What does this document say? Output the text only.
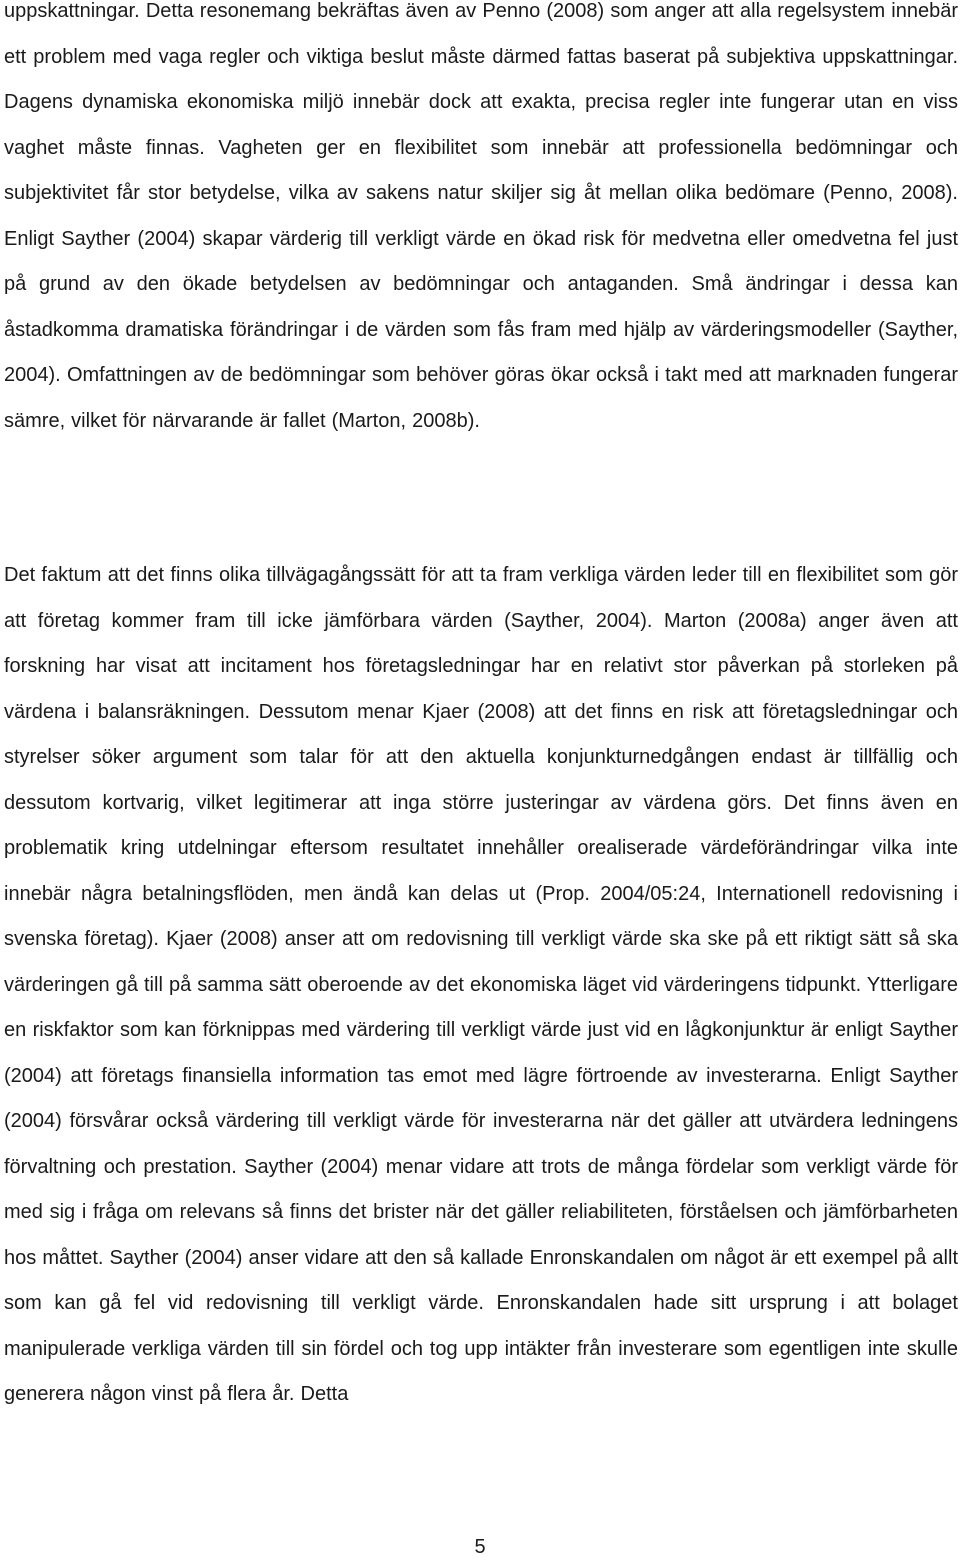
uppskattningar. Detta resonemang bekräftas även av Penno (2008) som anger att alla regelsystem innebär ett problem med vaga regler och viktiga beslut måste därmed fattas baserat på subjektiva uppskattningar. Dagens dynamiska ekonomiska miljö innebär dock att exakta, precisa regler inte fungerar utan en viss vaghet måste finnas. Vagheten ger en flexibilitet som innebär att professionella bedömningar och subjektivitet får stor betydelse, vilka av sakens natur skiljer sig åt mellan olika bedömare (Penno, 2008). Enligt Sayther (2004) skapar värderig till verkligt värde en ökad risk för medvetna eller omedvetna fel just på grund av den ökade betydelsen av bedömningar och antaganden. Små ändringar i dessa kan åstadkomma dramatiska förändringar i de värden som fås fram med hjälp av värderingsmodeller (Sayther, 2004). Omfattningen av de bedömningar som behöver göras ökar också i takt med att marknaden fungerar sämre, vilket för närvarande är fallet (Marton, 2008b).

Det faktum att det finns olika tillvägagångssätt för att ta fram verkliga värden leder till en flexibilitet som gör att företag kommer fram till icke jämförbara värden (Sayther, 2004). Marton (2008a) anger även att forskning har visat att incitament hos företagsledningar har en relativt stor påverkan på storleken på värdena i balansräkningen. Dessutom menar Kjaer (2008) att det finns en risk att företagsledningar och styrelser söker argument som talar för att den aktuella konjunkturnedgången endast är tillfällig och dessutom kortvarig, vilket legitimerar att inga större justeringar av värdena görs. Det finns även en problematik kring utdelningar eftersom resultatet innehåller orealiserade värdeförändringar vilka inte innebär några betalningsflöden, men ändå kan delas ut (Prop. 2004/05:24, Internationell redovisning i svenska företag). Kjaer (2008) anser att om redovisning till verkligt värde ska ske på ett riktigt sätt så ska värderingen gå till på samma sätt oberoende av det ekonomiska läget vid värderingens tidpunkt. Ytterligare en riskfaktor som kan förknippas med värdering till verkligt värde just vid en lågkonjunktur är enligt Sayther (2004) att företags finansiella information tas emot med lägre förtroende av investerarna. Enligt Sayther (2004) försvårar också värdering till verkligt värde för investerarna när det gäller att utvärdera ledningens förvaltning och prestation. Sayther (2004) menar vidare att trots de många fördelar som verkligt värde för med sig i fråga om relevans så finns det brister när det gäller reliabiliteten, förståelsen och jämförbarheten hos måttet. Sayther (2004) anser vidare att den så kallade Enronskandalen om något är ett exempel på allt som kan gå fel vid redovisning till verkligt värde. Enronskandalen hade sitt ursprung i att bolaget manipulerade verkliga värden till sin fördel och tog upp intäkter från investerare som egentligen inte skulle generera någon vinst på flera år. Detta

5
